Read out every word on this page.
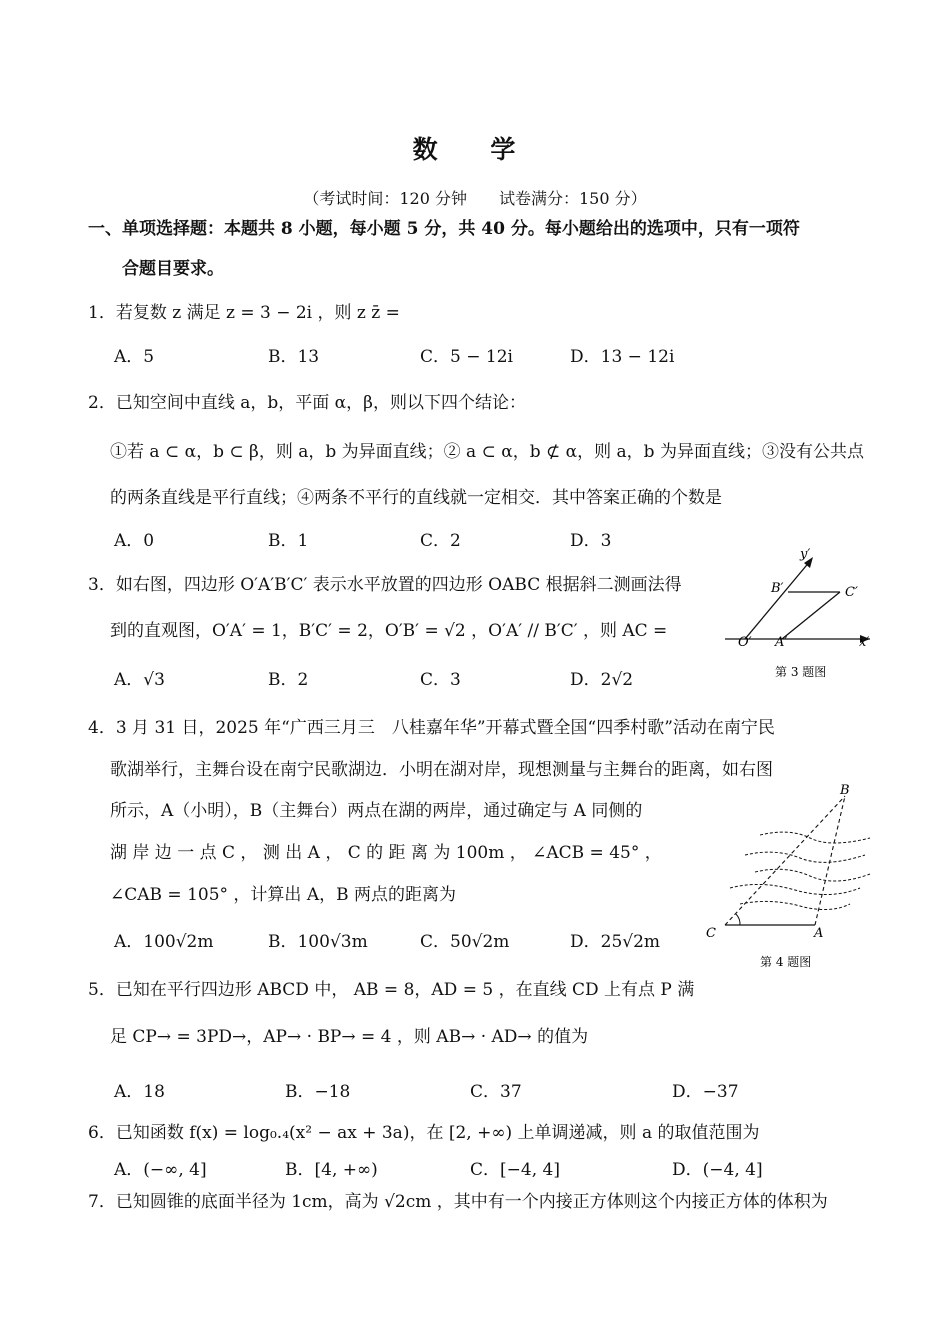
数 学
（考试时间：120 分钟　　试卷满分：150 分）
一、单项选择题：本题共 8 小题，每小题 5 分，共 40 分。每小题给出的选项中，只有一项符
合题目要求。
1．若复数 z 满足 z = 3 − 2i ，则 z z̄ =
A．5	B．13	C．5 − 12i	D．13 − 12i
2．已知空间中直线 a，b，平面 α，β，则以下四个结论：
①若 a ⊂ α，b ⊂ β，则 a，b 为异面直线；② a ⊂ α，b ⊄ α，则 a，b 为异面直线；③没有公共点
的两条直线是平行直线；④两条不平行的直线就一定相交．其中答案正确的个数是
A．0	B．1	C．2	D．3
3．如右图，四边形 O′A′B′C′ 表示水平放置的四边形 OABC 根据斜二测画法得
到的直观图，O′A′ = 1，B′C′ = 2，O′B′ = √2 ，O′A′ // B′C′ ，则 AC =
A．√3	B．2	C．3	D．2√2
y′
x′
B′	C′
O′ A′
第 3 题图
4．3 月 31 日，2025 年“广西三月三　八桂嘉年华”开幕式暨全国“四季村歌”活动在南宁民
歌湖举行，主舞台设在南宁民歌湖边．小明在湖对岸，现想测量与主舞台的距离，如右图
所示，A（小明），B（主舞台）两点在湖的两岸，通过确定与 A 同侧的
湖 岸 边 一 点 C ， 测 出 A ， C 的 距 离 为 100m ， ∠ACB = 45° ，
∠CAB = 105° ，计算出 A，B 两点的距离为
A．100√2m	B．100√3m	C．50√2m	D．25√2m
B
C	A
第 4 题图
5．已知在平行四边形 ABCD 中， AB = 8，AD = 5 ，在直线 CD 上有点 P 满
足 CP→ = 3PD→，AP→ · BP→ = 4 ，则 AB→ · AD→ 的值为
A．18	B．−18	C．37	D．−37
6．已知函数 f(x) = log₀.₄(x² − ax + 3a)，在 [2, +∞) 上单调递减，则 a 的取值范围为
A．(−∞, 4]	B．[4, +∞)	C．[−4, 4]	D．(−4, 4]
7．已知圆锥的底面半径为 1cm，高为 √2cm ，其中有一个内接正方体则这个内接正方体的体积为
